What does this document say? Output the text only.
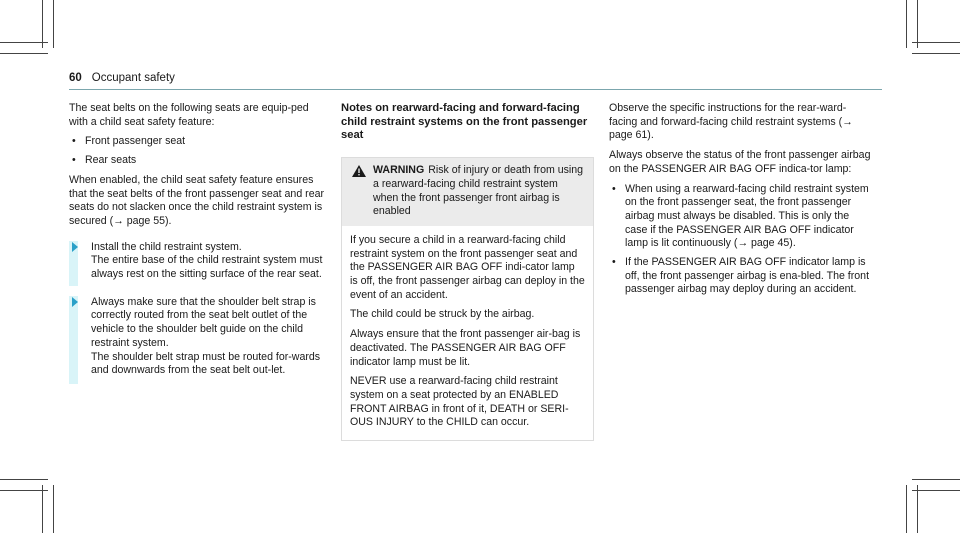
60 Occupant safety

The seat belts on the following seats are equip-ped with a child seat safety feature:

• Front passenger seat
• Rear seats

When enabled, the child seat safety feature ensures that the seat belts of the front passenger seat and rear seats do not slacken once the child restraint system is secured (→ page 55).

Install the child restraint system.

The entire base of the child restraint system must always rest on the sitting surface of the rear seat.

Always make sure that the shoulder belt strap is correctly routed from the seat belt outlet of the vehicle to the shoulder belt guide on the child restraint system.

The shoulder belt strap must be routed for-wards and downwards from the seat belt out-let.

Notes on rearward-facing and forward-facing child restraint systems on the front passenger seat
WARNING Risk of injury or death from using a rearward-facing child restraint system when the front passenger front airbag is enabled

If you secure a child in a rearward-facing child restraint system on the front passenger seat and the PASSENGER AIR BAG OFF indi-cator lamp is off, the front passenger airbag can deploy in the event of an accident.

The child could be struck by the airbag.

Always ensure that the front passenger air-bag is deactivated. The PASSENGER AIR BAG OFF indicator lamp must be lit.

NEVER use a rearward-facing child restraint system on a seat protected by an ENABLED FRONT AIRBAG in front of it, DEATH or SERI-OUS INJURY to the CHILD can occur.

Observe the specific instructions for the rear-ward-facing and forward-facing child restraint systems (→ page 61).

Always observe the status of the front passenger airbag on the PASSENGER AIR BAG OFF indica-tor lamp:

• When using a rearward-facing child restraint system on the front passenger seat, the front passenger airbag must always be disabled. This is only the case if the PASSENGER AIR BAG OFF indicator lamp is lit continuously (→ page 45).
• If the PASSENGER AIR BAG OFF indicator lamp is off, the front passenger airbag is ena-bled. The front passenger airbag may deploy during an accident.
